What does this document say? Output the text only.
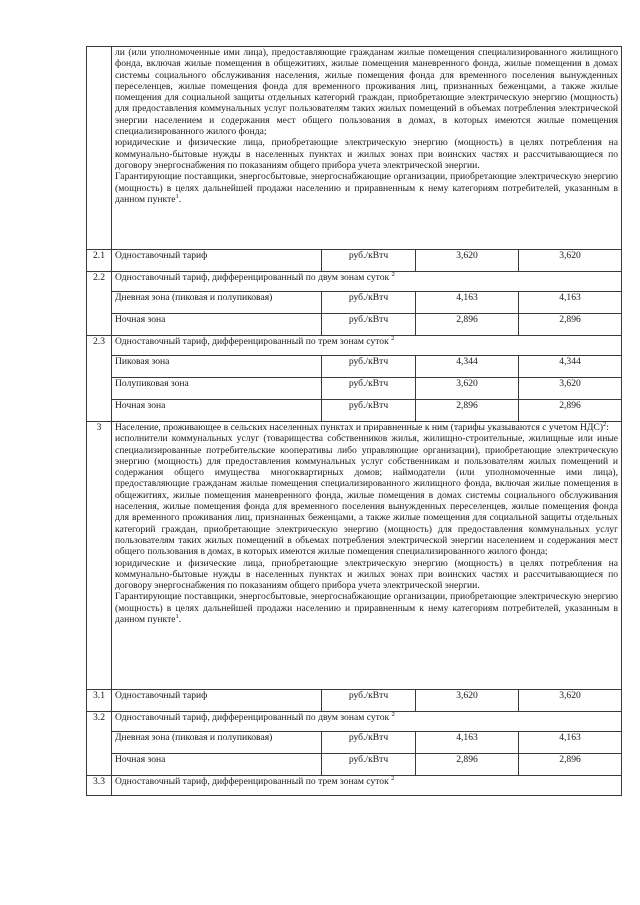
	ли (или уполномоченные ими лица), предоставляющие гражданам жилые помещения специализированного жилищного фонда, включая жилые помещения в общежитиях, жилые помещения маневренного фонда, жилые помещения в домах системы социального обслуживания населения, жилые помещения фонда для временного поселения вынужденных переселенцев, жилые помещения фонда для временного проживания лиц, признанных беженцами, а также жилые помещения для социальной защиты отдельных категорий граждан, приобретающие электрическую энергию (мощность) для предоставления коммунальных услуг пользователям таких жилых помещений в объемах потребления электрической энергии населением и содержания мест общего пользования в домах, в которых имеются жилые помещения специализированного жилого фонда;
юридические и физические лица, приобретающие электрическую энергию (мощность) в целях потребления на коммунально-бытовые нужды в населенных пунктах и жилых зонах при воинских частях и рассчитывающиеся по договору энергоснабжения по показаниям общего прибора учета электрической энергии.
Гарантирующие поставщики, энергосбытовые, энергоснабжающие организации, приобретающие электрическую энергию (мощность) в целях дальнейшей продажи населению и приравненным к нему категориям потребителей, указанным в данном пункте$^1$.			

2.1	Одноставочный тариф	руб./кВтч	3,620	3,620
2.2	Одноставочный тариф, дифференцированный по двум зонам суток $^2$
	Дневная зона (пиковая и полупиковая)	руб./кВтч	4,163	4,163
	Ночная зона	руб./кВтч	2,896	2,896
2.3	Одноставочный тариф, дифференцированный по трем зонам суток $^2$
	Пиковая зона	руб./кВтч	4,344	4,344
	Полупиковая зона	руб./кВтч	3,620	3,620
	Ночная зона	руб./кВтч	2,896	2,896
3	Население, проживающее в сельских населенных пунктах и приравненные к ним (тарифы указываются с учетом НДС)$^2$:
исполнители коммунальных услуг (товарищества собственников жилья, жилищно-строительные, жилищные или иные специализированные потребительские кооперативы либо управляющие организации), приобретающие электрическую энергию (мощность) для предоставления коммунальных услуг собственникам и пользователям жилых помещений и содержания общего имущества многоквартирных домов; наймодатели (или уполномоченные ими лица), предоставляющие гражданам жилые помещения специализированного жилищного фонда, включая жилые помещения в общежитиях, жилые помещения маневренного фонда, жилые помещения в домах системы социального обслуживания населения, жилые помещения фонда для временного поселения вынужденных переселенцев, жилые помещения фонда для временного проживания лиц, признанных беженцами, а также жилые помещения для социальной защиты отдельных категорий граждан, приобретающие электрическую энергию (мощность) для предоставления коммунальных услуг пользователям таких жилых помещений в объемах потребления электрической энергии населением и содержания мест общего пользования в домах, в которых имеются жилые помещения специализированного жилого фонда;
юридические и физические лица, приобретающие электрическую энергию (мощность) в целях потребления на коммунально-бытовые нужды в населенных пунктах и жилых зонах при воинских частях и рассчитывающиеся по договору энергоснабжения по показаниям общего прибора учета электрической энергии.
Гарантирующие поставщики, энергосбытовые, энергоснабжающие организации, приобретающие электрическую энергию (мощность) в целях дальнейшей продажи населению и приравненным к нему категориям потребителей, указанным в данном пункте$^1$.			

3.1	Одноставочный тариф	руб./кВтч	3,620	3,620
3.2	Одноставочный тариф, дифференцированный по двум зонам суток $^2$
	Дневная зона (пиковая и полупиковая)	руб./кВтч	4,163	4,163
	Ночная зона	руб./кВтч	2,896	2,896
3.3	Одноставочный тариф, дифференцированный по трем зонам суток $^2$
